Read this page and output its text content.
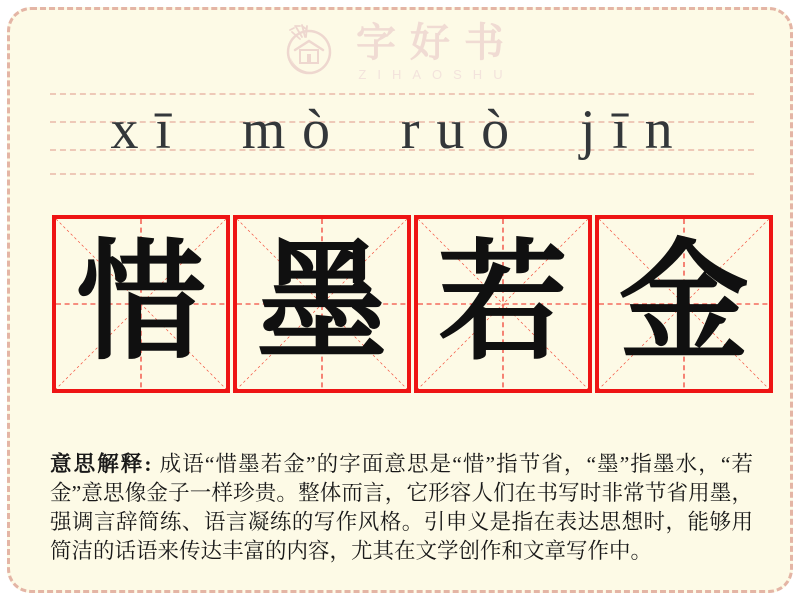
字好书
ZIHAOSHU
xī mò ruò jīn
惜 墨 若 金
意思解释: 成语“惜墨若金”的字面意思是“惜”指节省，“墨”指墨水，“若金”意思像金子一样珍贵。整体而言，它形容人们在书写时非常节省用墨，强调言辞简练、语言凝练的写作风格。引申义是指在表达思想时，能够用简洁的话语来传达丰富的内容，尤其在文学创作和文章写作中。
